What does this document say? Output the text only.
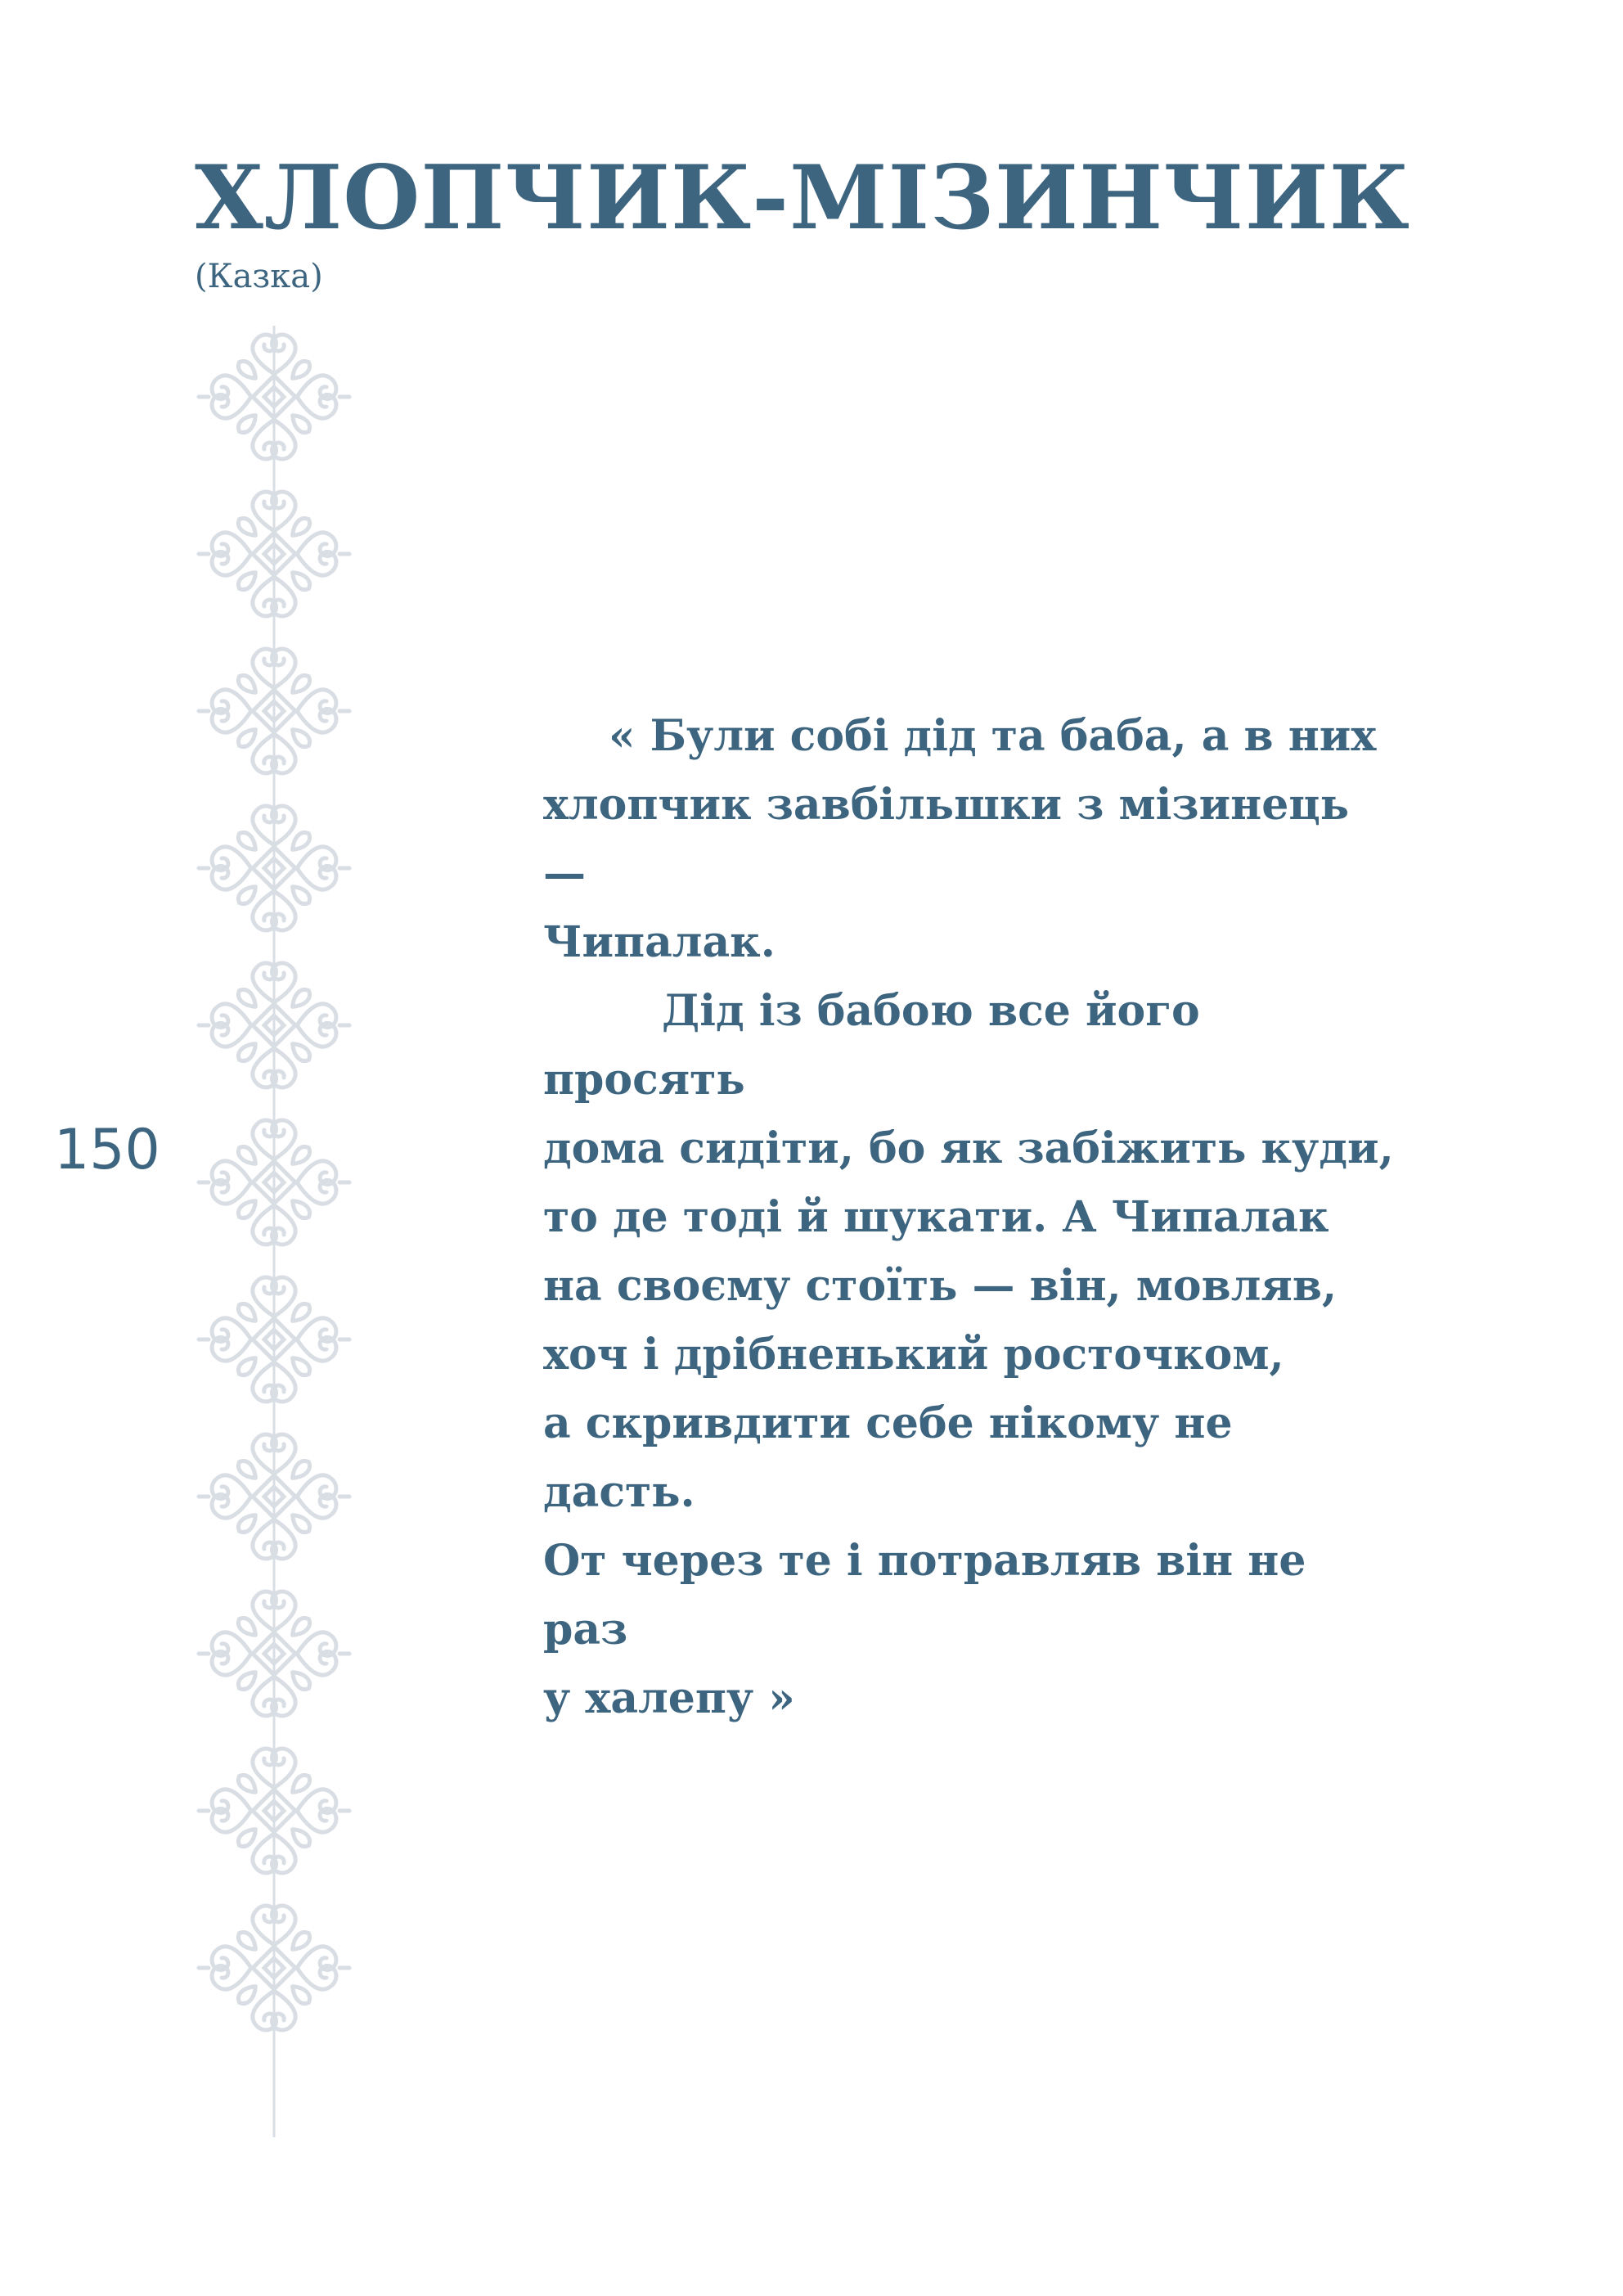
ХЛОПЧИК-МІЗИНЧИК
(Казка)
150

« Були собі дід та баба, а в них
хлопчик завбільшки з мізинець —
Чипалак.

Дід із бабою все його просять
дома сидіти, бо як забіжить куди,
то де тоді й шукати. А Чипалак
на своєму стоїть — він, мовляв,
хоч і дрібненький росточком,
а скривдити себе нікому не дасть.
От через те і потравляв він не раз
у халепу »
